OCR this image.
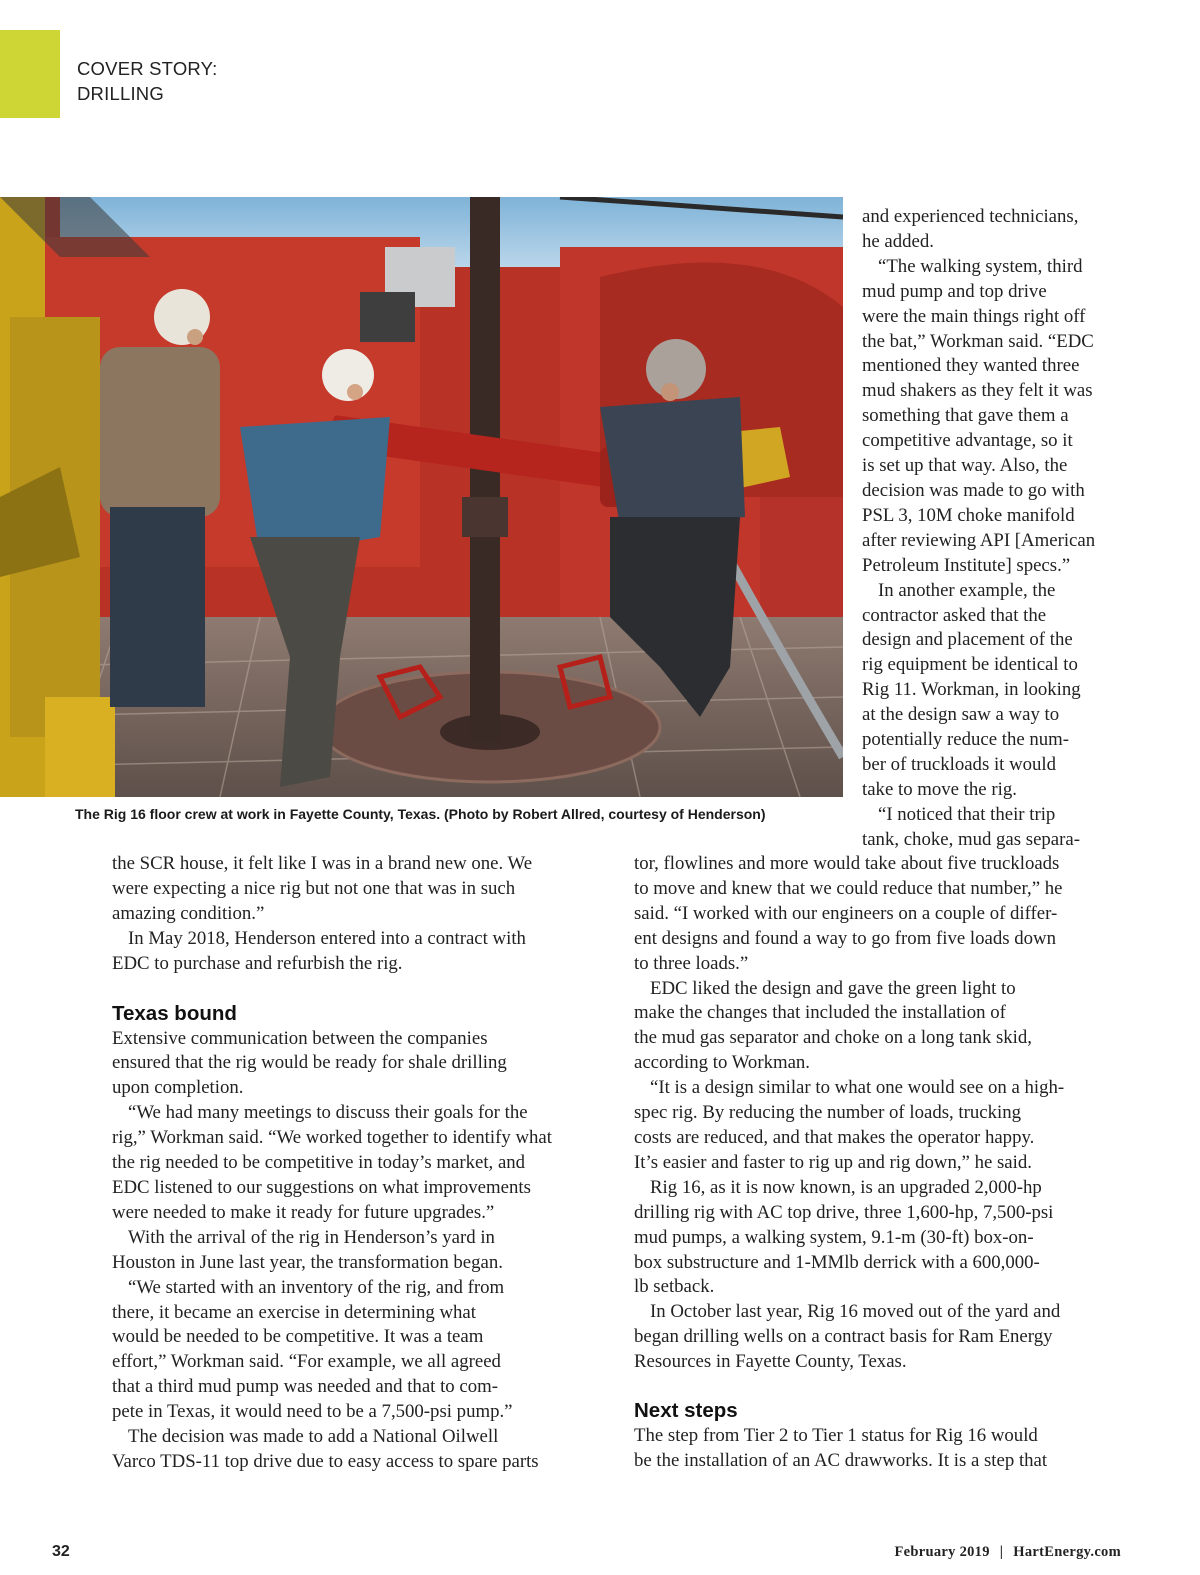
COVER STORY:
DRILLING
The Rig 16 floor crew at work in Fayette County, Texas. (Photo by Robert Allred, courtesy of Henderson)
and experienced technicians,
he added.
“The walking system, third
mud pump and top drive
were the main things right off
the bat,” Workman said. “EDC
mentioned they wanted three
mud shakers as they felt it was
something that gave them a
competitive advantage, so it
is set up that way. Also, the
decision was made to go with
PSL 3, 10M choke manifold
after reviewing API [American
Petroleum Institute] specs.”
In another example, the
contractor asked that the
design and placement of the
rig equipment be identical to
Rig 11. Workman, in looking
at the design saw a way to
potentially reduce the num-
ber of truckloads it would
take to move the rig.
“I noticed that their trip
tank, choke, mud gas separa-
the SCR house, it felt like I was in a brand new one. We
were expecting a nice rig but not one that was in such
amazing condition.”
In May 2018, Henderson entered into a contract with
EDC to purchase and refurbish the rig.
Texas bound
Extensive communication between the companies
ensured that the rig would be ready for shale drilling
upon completion.
“We had many meetings to discuss their goals for the
rig,” Workman said. “We worked together to identify what
the rig needed to be competitive in today’s market, and
EDC listened to our suggestions on what improvements
were needed to make it ready for future upgrades.”
With the arrival of the rig in Henderson’s yard in
Houston in June last year, the transformation began.
“We started with an inventory of the rig, and from
there, it became an exercise in determining what
would be needed to be competitive. It was a team
effort,” Workman said. “For example, we all agreed
that a third mud pump was needed and that to com-
pete in Texas, it would need to be a 7,500-psi pump.”
The decision was made to add a National Oilwell
Varco TDS-11 top drive due to easy access to spare parts
tor, flowlines and more would take about five truckloads
to move and knew that we could reduce that number,” he
said. “I worked with our engineers on a couple of differ-
ent designs and found a way to go from five loads down
to three loads.”
EDC liked the design and gave the green light to
make the changes that included the installation of
the mud gas separator and choke on a long tank skid,
according to Workman.
“It is a design similar to what one would see on a high-
spec rig. By reducing the number of loads, trucking
costs are reduced, and that makes the operator happy.
It’s easier and faster to rig up and rig down,” he said.
Rig 16, as it is now known, is an upgraded 2,000-hp
drilling rig with AC top drive, three 1,600-hp, 7,500-psi
mud pumps, a walking system, 9.1-m (30-ft) box-on-
box substructure and 1-MMlb derrick with a 600,000-
lb setback.
In October last year, Rig 16 moved out of the yard and
began drilling wells on a contract basis for Ram Energy
Resources in Fayette County, Texas.
Next steps
The step from Tier 2 to Tier 1 status for Rig 16 would
be the installation of an AC drawworks. It is a step that
32	February 2019 | HartEnergy.com
